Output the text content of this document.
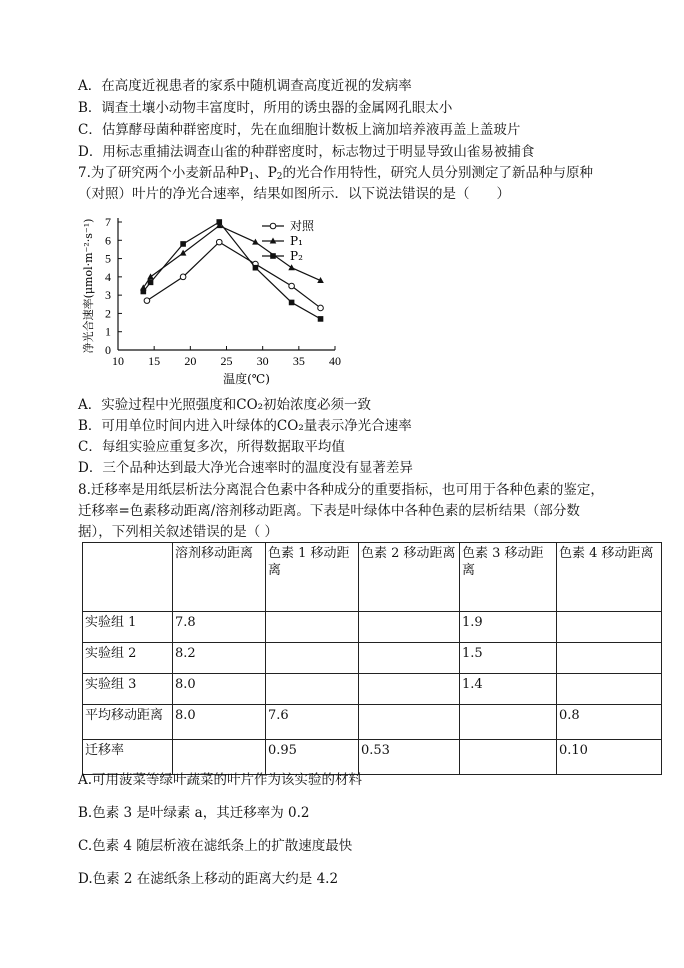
A．在高度近视患者的家系中随机调查高度近视的发病率
B．调查土壤小动物丰富度时，所用的诱虫器的金属网孔眼太小
C．估算酵母菌种群密度时，先在血细胞计数板上滴加培养液再盖上盖玻片
D．用标志重捕法调查山雀的种群密度时，标志物过于明显导致山雀易被捕食
7.为了研究两个小麦新品种$P_1$、$P_2$的光合作用特性，研究人员分别测定了新品种与原种
（对照）叶片的净光合速率，结果如图所示．以下说法错误的是（　　）
0
1
2
3
4
5
6
7
10 15 20 25 30 35 40
温度(℃)
净光合速率(μmol·m⁻²·s⁻¹)	对照
P₁
P₂
A．实验过程中光照强度和CO₂初始浓度必须一致
B．可用单位时间内进入叶绿体的CO₂量表示净光合速率
C．每组实验应重复多次，所得数据取平均值
D．三个品种达到最大净光合速率时的温度没有显著差异
8.迁移率是用纸层析法分离混合色素中各种成分的重要指标，也可用于各种色素的鉴定，
迁移率=色素移动距离/溶剂移动距离。下表是叶绿体中各种色素的层析结果（部分数
据），下列相关叙述错误的是（ ）
	溶剂移动距离	色素 1 移动距离	色素 2 移动距离	色素 3 移动距离	色素 4 移动距离
实验组 1	7.8			1.9	
实验组 2	8.2			1.5	
实验组 3	8.0			1.4	
平均移动距离	8.0	7.6			0.8
迁移率		0.95	0.53		0.10
A.可用菠菜等绿叶蔬菜的叶片作为该实验的材料
B.色素 3 是叶绿素 a，其迁移率为 0.2
C.色素 4 随层析液在滤纸条上的扩散速度最快
D.色素 2 在滤纸条上移动的距离大约是 4.2
